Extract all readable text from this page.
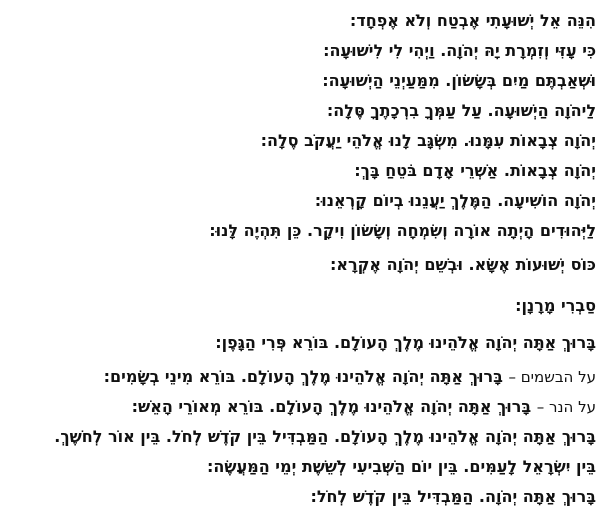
הִנֵּה אֵל יְשׁוּעָתִי אֶבְטַח וְלֹא אֶפְחָד:
כִּי עָזִּי וְזִמְרָת יָהּ יְהֹוָה. וַיְהִי לִי לִישׁוּעָה:
וּשְׁאַבְתֶּם מַיִם בְּשָׂשׂוֹן. מִמַּעַיְנֵי הַיְשׁוּעָה:
לַיהֹוָה הַיְשׁוּעָה. עַל עַמְּךָ בִרְכָתֶךָ סֶּלָה:
יְהֹוָה צְבָאוֹת עִמָּנוּ. מִשְׂגָּב לָנוּ אֱלֹהֵי יַעֲקֹב סֶלָה:
יְהֹוָה צְבָאוֹת. אַשְׁרֵי אָדָם בֹּטֵחַ בָּךְ:
יְהֹוָה הוֹשִׁיעָה. הַמֶּלֶךְ יַעֲנֵנוּ בְיוֹם קָרְאֵנוּ:
לַיְּהוּדִים הָיְתָה אוֹרָה וְשִׂמְחָה וְשָׂשׂוֹן וִיקָר. כֵּן תִּהְיֶה לָּנוּ:
כּוֹס יְשׁוּעוֹת אֶשָּׂא. וּבְשֵׁם יְהֹוָה אֶקְרָא:
סַבְרִי מָרָנָן:
בָּרוּךְ אַתָּה יְהֹוָה אֱלֹהֵינוּ מֶלֶךְ הָעוֹלָם. בּוֹרֵא פְּרִי הַגָּפֶן:
על הבשמים – בָּרוּךְ אַתָּה יְהֹוָה אֱלֹהֵינוּ מֶלֶךְ הָעוֹלָם. בּוֹרֵא מִינֵי בְשָׂמִים:
על הנר – בָּרוּךְ אַתָּה יְהֹוָה אֱלֹהֵינוּ מֶלֶךְ הָעוֹלָם. בּוֹרֵא מְאוֹרֵי הָאֵשׁ:
בָּרוּךְ אַתָּה יְהֹוָה אֱלֹהֵינוּ מֶלֶךְ הָעוֹלָם. הַמַּבְדִּיל בֵּין קֹדֶשׁ לְחֹל. בֵּין אוֹר לְחשֶׁךְ.
בֵּין יִשְׂרָאֵל לָעַמִּים. בֵּין יוֹם הַשְּׁבִיעִי לְשֵׁשֶׁת יְמֵי הַמַּעֲשֶׂה:
בָּרוּךְ אַתָּה יְהֹוָה. הַמַּבְדִּיל בֵּין קֹדֶשׁ לְחֹל:
